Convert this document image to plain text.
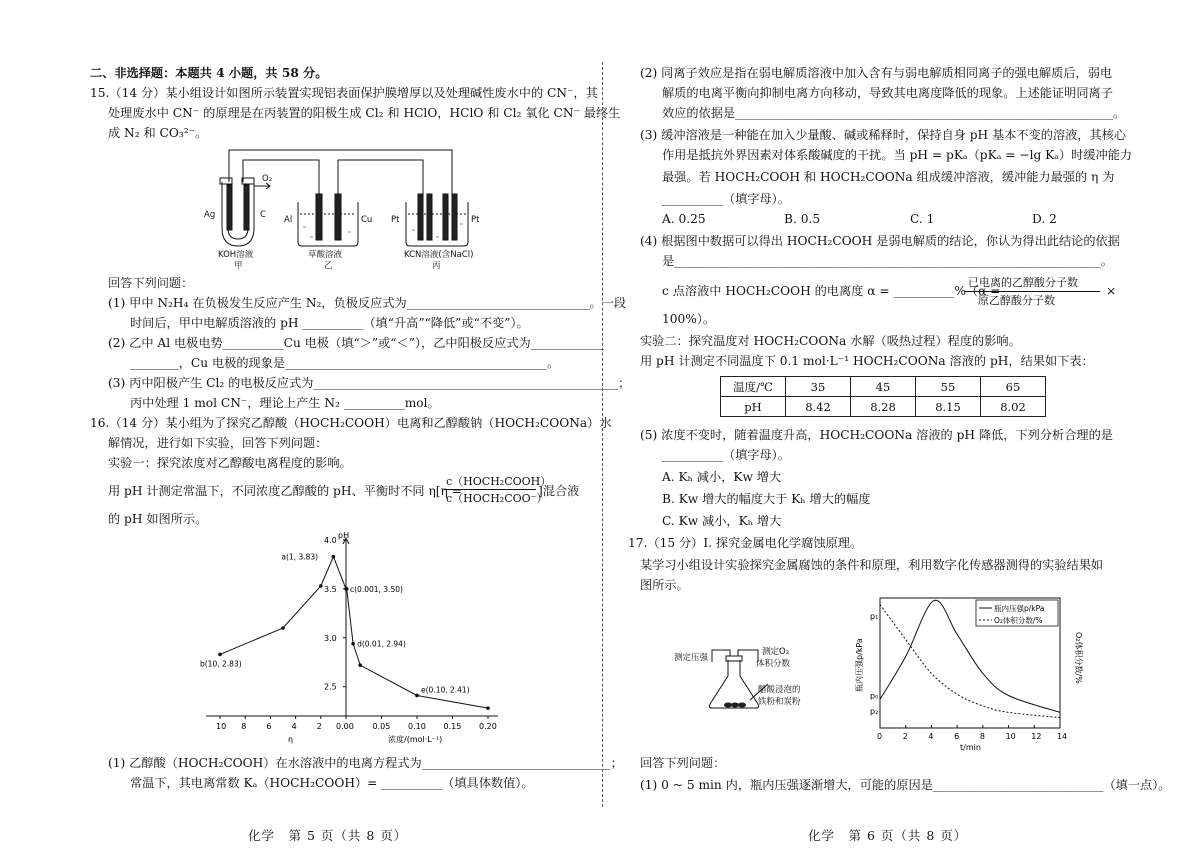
二、非选择题：本题共 4 小题，共 58 分。
15.（14 分）某小组设计如图所示装置实现铝表面保护膜增厚以及处理碱性废水中的 CN⁻，其
处理废水中 CN⁻ 的原理是在丙装置的阳极生成 Cl₂ 和 HClO，HClO 和 Cl₂ 氧化 CN⁻ 最终生
成 N₂ 和 CO₃²⁻。
Ag	C
O₂
Al	Cu Pt	Pt
KOH溶液	草酸溶液	KCN溶液(含NaCl)
甲	乙	丙
回答下列问题：
(1) 甲中 N₂H₄ 在负极发生反应产生 N₂，负极反应式为______________________________。一段
时间后，甲中电解质溶液的 pH __________（填“升高”“降低”或“不变”）。
(2) 乙中 Al 电极电势__________Cu 电极（填“＞”或“＜”），乙中阳极反应式为____________
________，Cu 电极的现象是___________________________________________。
(3) 丙中阳极产生 Cl₂ 的电极反应式为__________________________________________________；
丙中处理 1 mol CN⁻，理论上产生 N₂ __________mol。
16.（14 分）某小组为了探究乙醇酸（HOCH₂COOH）电离和乙醇酸钠（HOCH₂COONa）水
解情况，进行如下实验，回答下列问题：
实验一：探究浓度对乙醇酸电离程度的影响。
用 pH 计测定常温下，不同浓度乙醇酸的 pH、平衡时不同 η[η =
c（HOCH₂COOH）
c（HOCH₂COO⁻）
]混合液
的 pH 如图所示。
2.5
3.0
3.5
4.0
10 8	6	4	2 0.00 0.05 0.10 0.15 0.20
a(1, 3.83)
b(10, 2.83)
c(0.001, 3.50)
d(0.01, 2.94)
e(0.10, 2.41)
pH
η	浓度/(mol·L⁻¹)
(1) 乙醇酸（HOCH₂COOH）在水溶液中的电离方程式为_______________________________；
常温下，其电离常数 Kₐ（HOCH₂COOH）= __________（填具体数值）。
化学　第 5 页（共 8 页）
(2) 同离子效应是指在弱电解质溶液中加入含有与弱电解质相同离子的强电解质后，弱电
解质的电离平衡向抑制电离方向移动，导致其电离度降低的现象。上述能证明同离子
效应的依据是______________________________________________________________。
(3) 缓冲溶液是一种能在加入少量酸、碱或稀释时，保持自身 pH 基本不变的溶液，其核心
作用是抵抗外界因素对体系酸碱度的干扰。当 pH = pKₐ（pKₐ = −lg Kₐ）时缓冲能力
最强。若 HOCH₂COOH 和 HOCH₂COONa 组成缓冲溶液，缓冲能力最强的 η 为
__________（填字母）。
A. 0.25	B. 0.5	C. 1	D. 2
(4) 根据图中数据可以得出 HOCH₂COOH 是弱电解质的结论，你认为得出此结论的依据
是______________________________________________________________________。
c 点溶液中 HOCH₂COOH 的电离度 α = __________%（α =
已电离的乙醇酸分子数
原乙醇酸分子数
×
100%）。
实验二：探究温度对 HOCH₂COONa 水解（吸热过程）程度的影响。
用 pH 计测定不同温度下 0.1 mol·L⁻¹ HOCH₂COONa 溶液的 pH，结果如下表：
温度/℃	35	45	55	65
pH	8.42	8.28	8.15	8.02
(5) 浓度不变时，随着温度升高，HOCH₂COONa 溶液的 pH 降低，下列分析合理的是
__________（填字母）。
A. Kₕ 减小，Kw 增大
B. Kw 增大的幅度大于 Kₕ 增大的幅度
C. Kw 减小，Kₕ 增大
17.（15 分）Ⅰ. 探究金属电化学腐蚀原理。
某学习小组设计实验探究金属腐蚀的条件和原理，利用数字化传感器测得的实验结果如
图所示。
测定压强
测定O₂
体积分数
醋酸浸泡的
铁粉和炭粉
0	2	4	6	8	10 12 14
p₁
p₀
p₂
瓶内压强p/kPa
O₂体积分数/%
t/min
瓶内压强p/kPa	O₂体积分数/%
回答下列问题：
(1) 0 ~ 5 min 内，瓶内压强逐渐增大，可能的原因是____________________________（填一点）。
化学　第 6 页（共 8 页）
